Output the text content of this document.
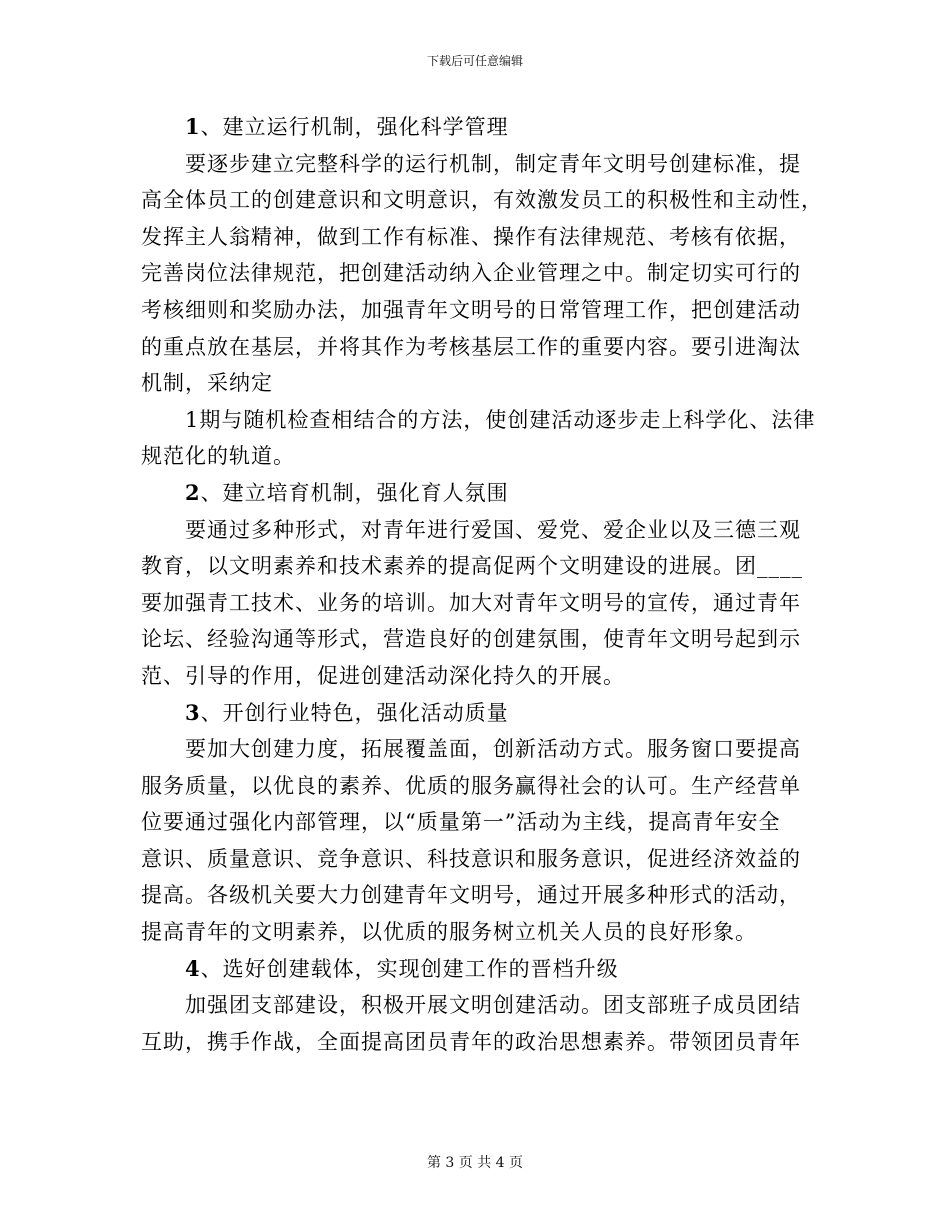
下载后可任意编辑
1、建立运行机制，强化科学管理
要逐步建立完整科学的运行机制，制定青年文明号创建标准，提
高全体员工的创建意识和文明意识，有效激发员工的积极性和主动性，
发挥主人翁精神，做到工作有标准、操作有法律规范、考核有依据，
完善岗位法律规范，把创建活动纳入企业管理之中。制定切实可行的
考核细则和奖励办法，加强青年文明号的日常管理工作，把创建活动
的重点放在基层，并将其作为考核基层工作的重要内容。要引进淘汰
机制，采纳定
1期与随机检查相结合的方法，使创建活动逐步走上科学化、法律
规范化的轨道。
2、建立培育机制，强化育人氛围
要通过多种形式，对青年进行爱国、爱党、爱企业以及三德三观
教育，以文明素养和技术素养的提高促两个文明建设的进展。团____
要加强青工技术、业务的培训。加大对青年文明号的宣传，通过青年
论坛、经验沟通等形式，营造良好的创建氛围，使青年文明号起到示
范、引导的作用，促进创建活动深化持久的开展。
3、开创行业特色，强化活动质量
要加大创建力度，拓展覆盖面，创新活动方式。服务窗口要提高
服务质量，以优良的素养、优质的服务赢得社会的认可。生产经营单
位要通过强化内部管理，以“质量第一”活动为主线，提高青年安全
意识、质量意识、竞争意识、科技意识和服务意识，促进经济效益的
提高。各级机关要大力创建青年文明号，通过开展多种形式的活动，
提高青年的文明素养，以优质的服务树立机关人员的良好形象。
4、选好创建载体，实现创建工作的晋档升级
加强团支部建设，积极开展文明创建活动。团支部班子成员团结
互助，携手作战，全面提高团员青年的政治思想素养。带领团员青年
第 3 页 共 4 页
